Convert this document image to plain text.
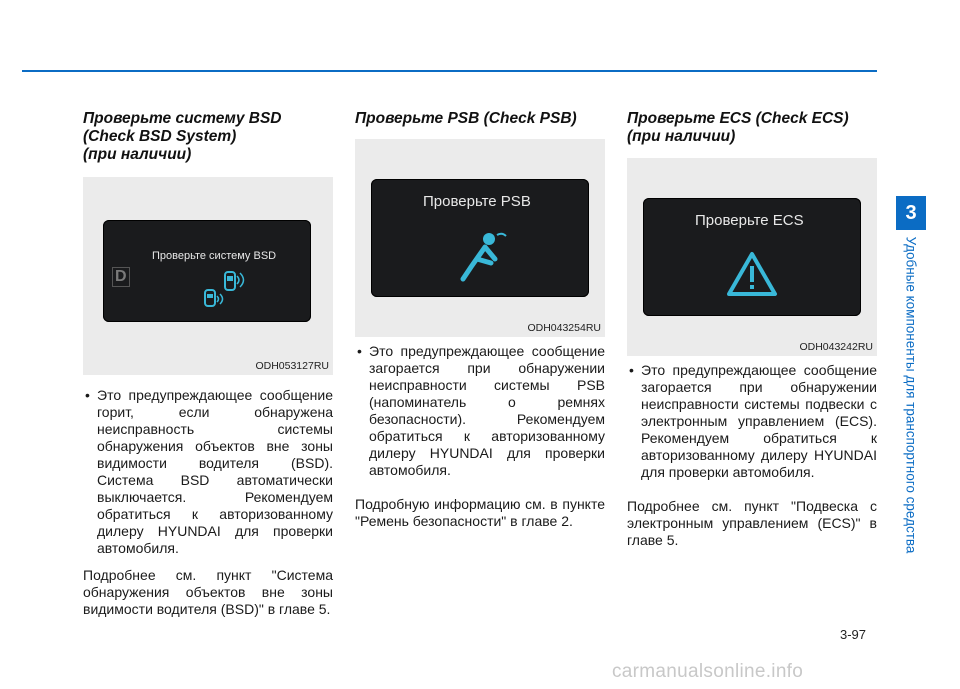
3
Удобные компоненты для транспортного средства

Проверьте систему BSD
(Check BSD System)
(при наличии)

Проверьте систему BSD
D
ODH053127RU

• Это предупреждающее сообщение горит, если обнаружена неисправность системы обнаружения объектов вне зоны видимости водителя (BSD). Система BSD автоматически выключается. Рекомендуем обратиться к авторизованному дилеру HYUNDAI для проверки автомобиля.

Подробнее см. пункт "Система обнаружения объектов вне зоны видимости водителя (BSD)" в главе 5.

Проверьте PSB (Check PSB)

Проверьте PSB
ODH043254RU

• Это предупреждающее сообщение загорается при обнаружении неисправности системы PSB (напоминатель о ремнях безопасности). Рекомендуем обратиться к авторизованному дилеру HYUNDAI для проверки автомобиля.

Подробную информацию см. в пункте "Ремень безопасности" в главе 2.

Проверьте ECS (Check ECS)
(при наличии)

Проверьте ECS
ODH043242RU

• Это предупреждающее сообщение загорается при обнаружении неисправности системы подвески с электронным управлением (ECS). Рекомендуем обратиться к авторизованному дилеру HYUNDAI для проверки автомобиля.

Подробнее см. пункт "Подвеска с электронным управлением (ECS)" в главе 5.

3-97
carmanualsonline.info
